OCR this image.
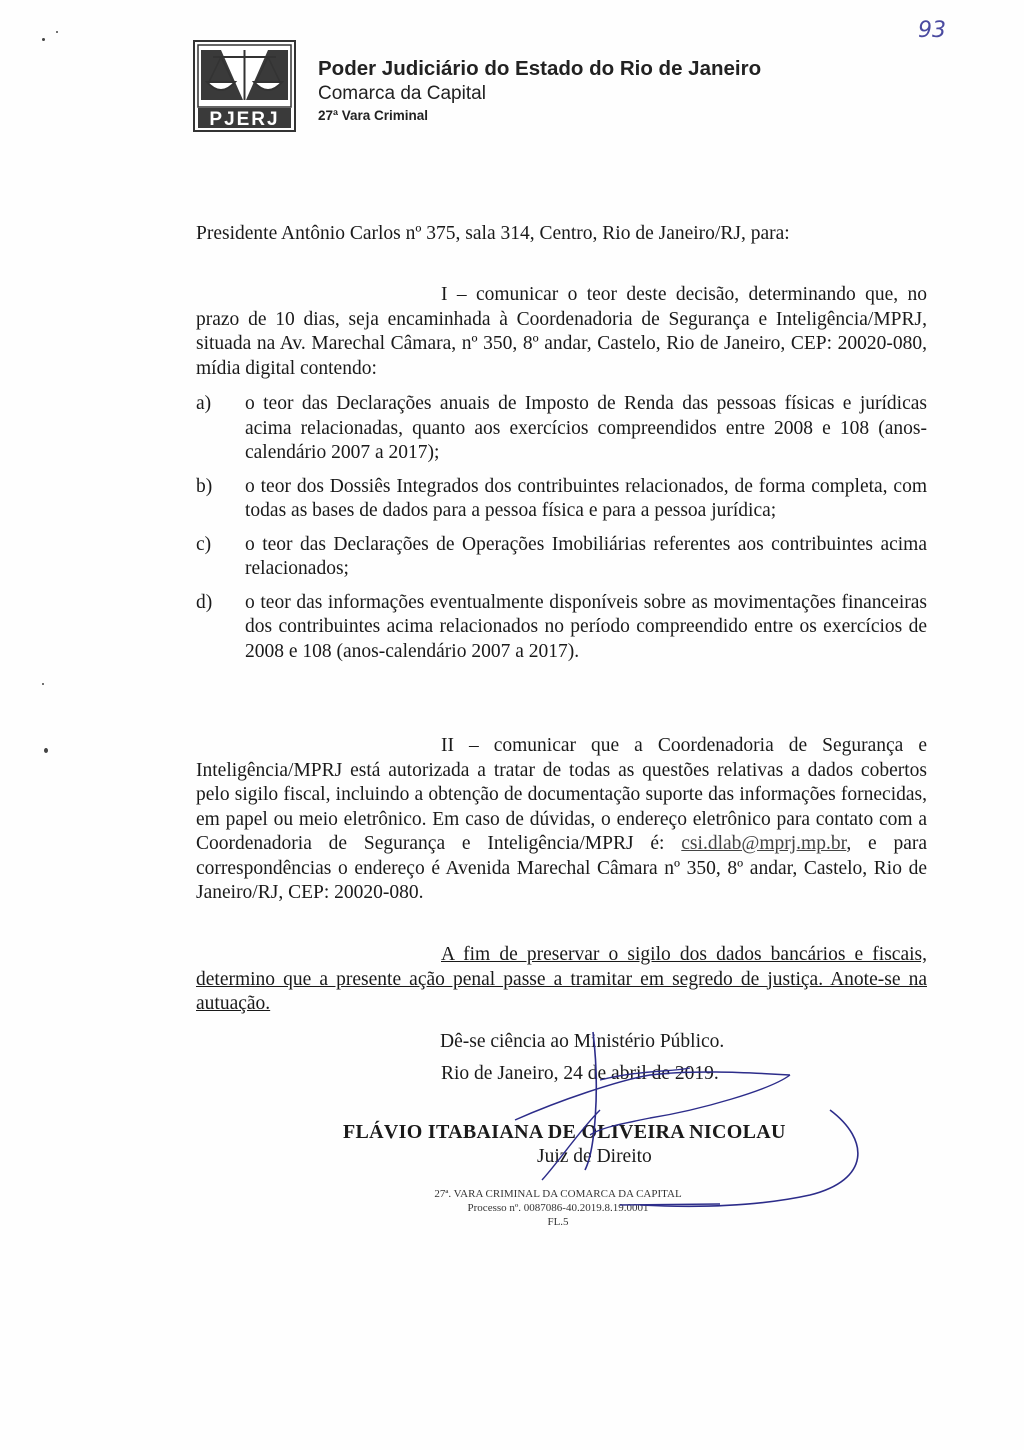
93
PJERJ
Poder Judiciário do Estado do Rio de Janeiro
Comarca da Capital
27ª Vara Criminal

Presidente Antônio Carlos nº 375, sala 314, Centro, Rio de Janeiro/RJ, para:

I – comunicar o teor deste decisão, determinando que, no prazo de 10 dias, seja encaminhada à Coordenadoria de Segurança e Inteligência/MPRJ, situada na Av. Marechal Câmara, nº 350, 8º andar, Castelo, Rio de Janeiro, CEP: 20020-080, mídia digital contendo:

a)	o teor das Declarações anuais de Imposto de Renda das pessoas físicas e jurídicas acima relacionadas, quanto aos exercícios compreendidos entre 2008 e 108 (anos-calendário 2007 a 2017);
b)	o teor dos Dossiês Integrados dos contribuintes relacionados, de forma completa, com todas as bases de dados para a pessoa física e para a pessoa jurídica;
c)	o teor das Declarações de Operações Imobiliárias referentes aos contribuintes acima relacionados;
d)	o teor das informações eventualmente disponíveis sobre as movimentações financeiras dos contribuintes acima relacionados no período compreendido entre os exercícios de 2008 e 108 (anos-calendário 2007 a 2017).

II – comunicar que a Coordenadoria de Segurança e Inteligência/MPRJ está autorizada a tratar de todas as questões relativas a dados cobertos pelo sigilo fiscal, incluindo a obtenção de documentação suporte das informações fornecidas, em papel ou meio eletrônico. Em caso de dúvidas, o endereço eletrônico para contato com a Coordenadoria de Segurança e Inteligência/MPRJ é: csi.dlab@mprj.mp.br, e para correspondências o endereço é Avenida Marechal Câmara nº 350, 8º andar, Castelo, Rio de Janeiro/RJ, CEP: 20020-080.

A fim de preservar o sigilo dos dados bancários e fiscais, determino que a presente ação penal passe a tramitar em segredo de justiça. Anote-se na autuação.

Dê-se ciência ao Ministério Público.
Rio de Janeiro, 24 de abril de 2019.
FLÁVIO ITABAIANA DE OLIVEIRA NICOLAU
Juiz de Direito
27ª. VARA CRIMINAL DA COMARCA DA CAPITAL
Processo nº. 0087086-40.2019.8.19.0001
FL.5
